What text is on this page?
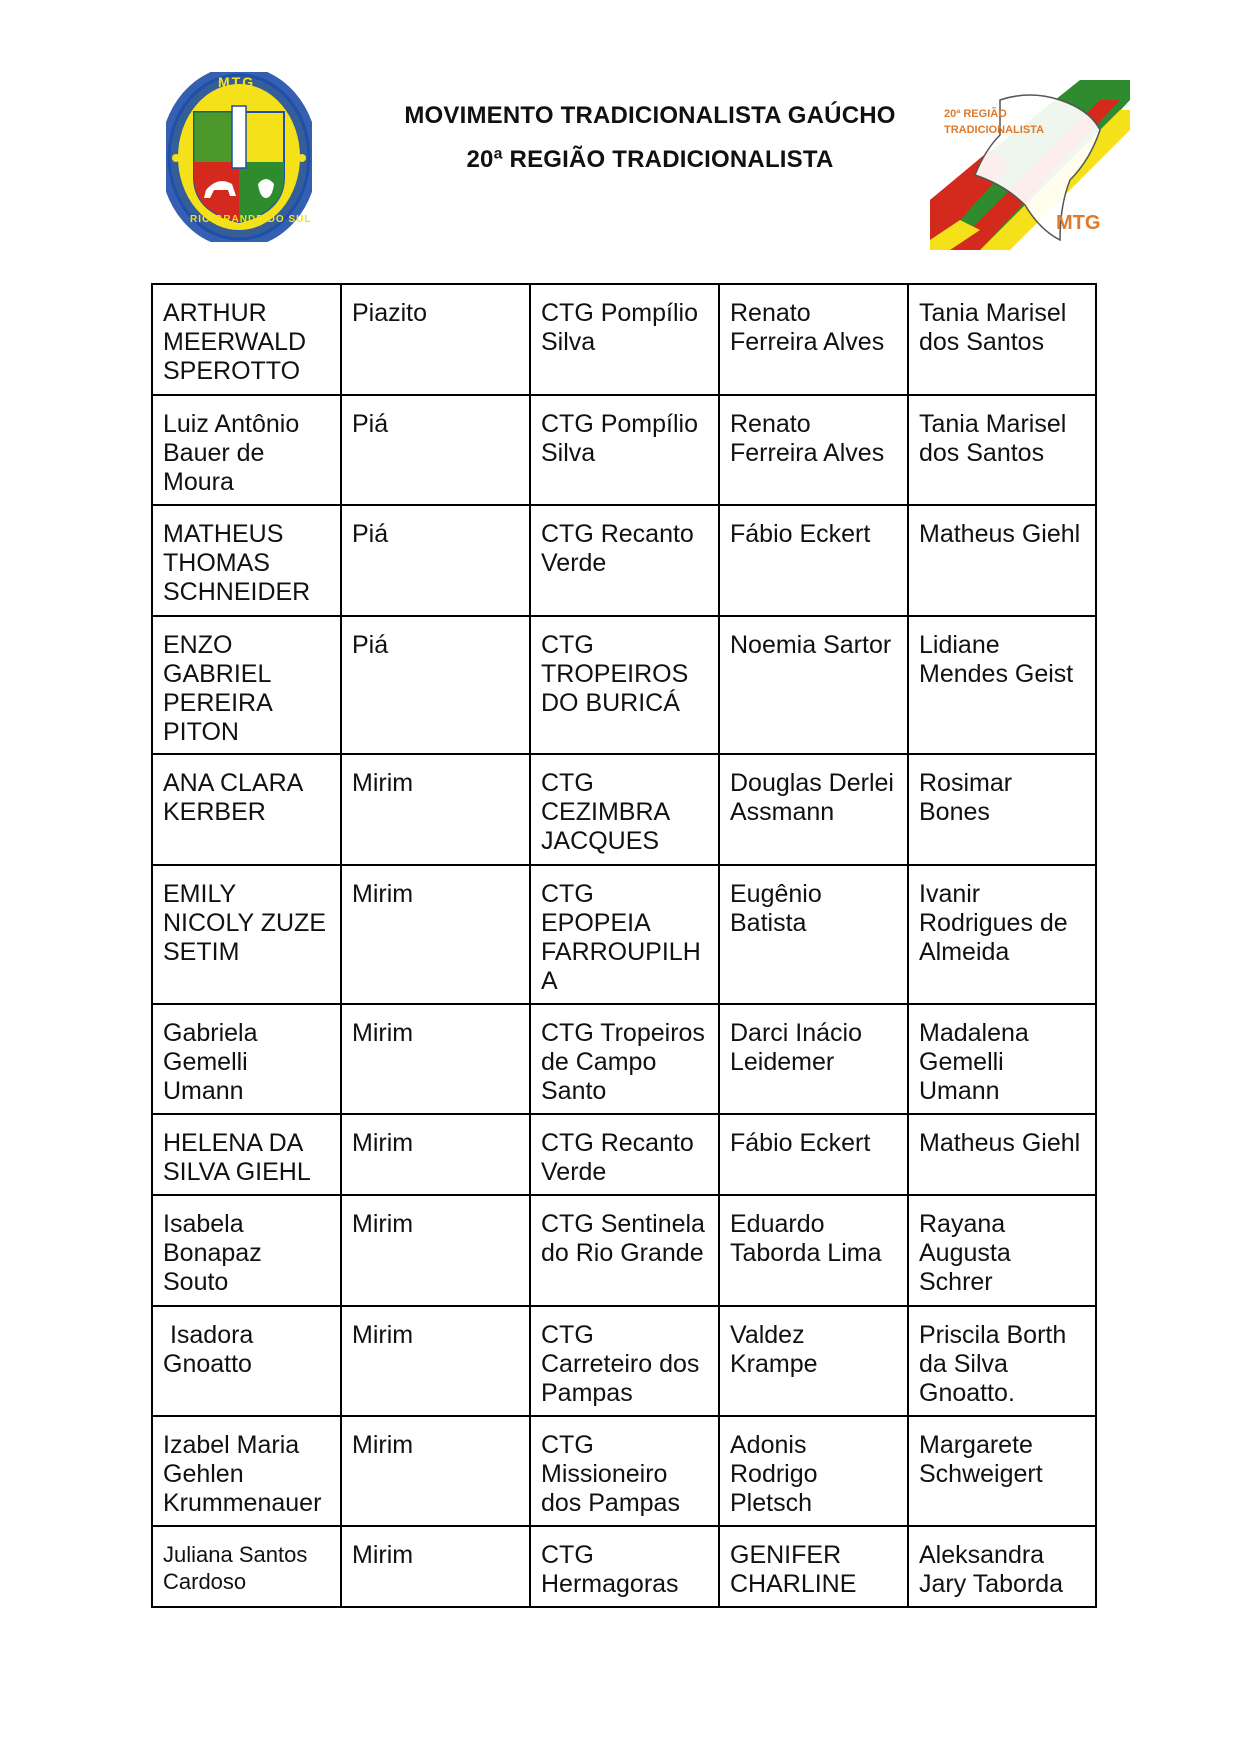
MTG
RIO GRANDE DO SUL
MOVIMENTO TRADICIONALISTA GAÚCHO
20ª REGIÃO TRADICIONALISTA
20ª REGIÃO
TRADICIONALISTA
MTG
ARTHUR MEERWALD SPEROTTO	Piazito	CTG Pompílio Silva	Renato Ferreira Alves	Tania Marisel dos Santos
Luiz Antônio Bauer de Moura	Piá	CTG Pompílio Silva	Renato Ferreira Alves	Tania Marisel dos Santos
MATHEUS THOMAS SCHNEIDER	Piá	CTG Recanto Verde	Fábio Eckert	Matheus Giehl
ENZO GABRIEL PEREIRA PITON	Piá	CTG TROPEIROS DO BURICÁ	Noemia Sartor	Lidiane Mendes Geist
ANA CLARA KERBER	Mirim	CTG CEZIMBRA JACQUES	Douglas Derlei Assmann	Rosimar Bones
EMILY NICOLY ZUZE SETIM	Mirim	CTG EPOPEIA FARROUPILHA	Eugênio Batista	Ivanir Rodrigues de Almeida
Gabriela Gemelli Umann	Mirim	CTG Tropeiros de Campo Santo	Darci Inácio Leidemer	Madalena Gemelli Umann
HELENA DA SILVA GIEHL	Mirim	CTG Recanto Verde	Fábio Eckert	Matheus Giehl
Isabela Bonapaz Souto	Mirim	CTG Sentinela do Rio Grande	Eduardo Taborda Lima	Rayana Augusta Schrer
Isadora Gnoatto	Mirim	CTG Carreteiro dos Pampas	Valdez Krampe	Priscila Borth da Silva Gnoatto.
Izabel Maria Gehlen Krummenauer	Mirim	CTG Missioneiro dos Pampas	Adonis Rodrigo Pletsch	Margarete Schweigert
Juliana Santos Cardoso	Mirim	CTG Hermagoras	GENIFER CHARLINE	Aleksandra Jary Taborda
